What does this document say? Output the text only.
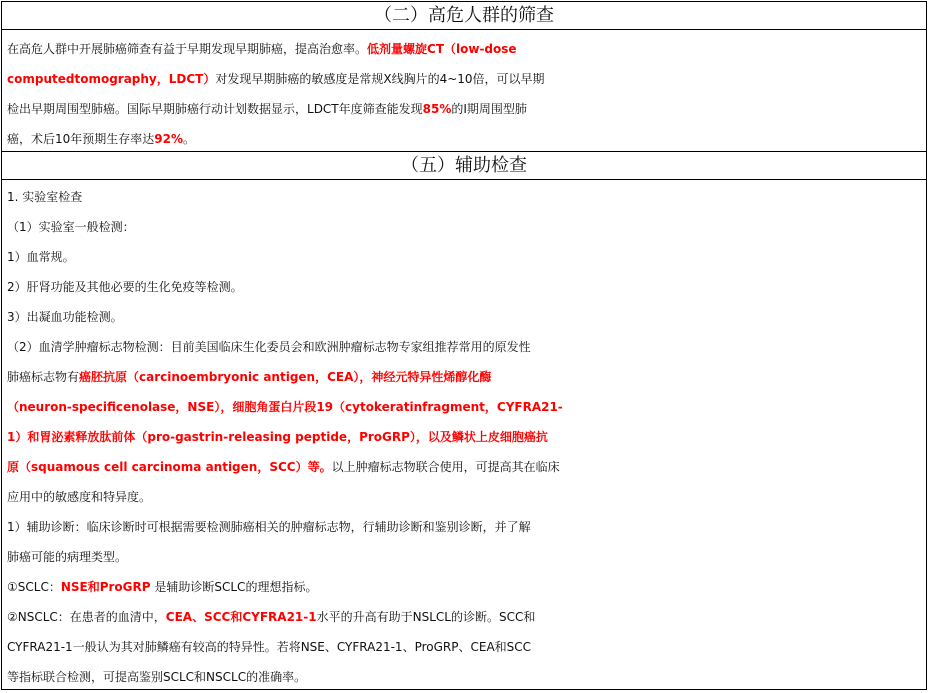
（二）高危人群的筛查
在高危人群中开展肺癌筛查有益于早期发现早期肺癌，提高治愈率。低剂量螺旋CT（low-dose
computedtomography，LDCT）对发现早期肺癌的敏感度是常规X线胸片的4~10倍，可以早期
检出早期周围型肺癌。国际早期肺癌行动计划数据显示，LDCT年度筛查能发现85%的Ⅰ期周围型肺
癌，术后10年预期生存率达92%。
（五）辅助检查
1. 实验室检查
（1）实验室一般检测：
1）血常规。
2）肝肾功能及其他必要的生化免疫等检测。
3）出凝血功能检测。
（2）血清学肿瘤标志物检测：目前美国临床生化委员会和欧洲肿瘤标志物专家组推荐常用的原发性
肺癌标志物有癌胚抗原（carcinoembryonic antigen，CEA），神经元特异性烯醇化酶
（neuron-specificenolase，NSE），细胞角蛋白片段19（cytokeratinfragment，CYFRA21-
1）和胃泌素释放肽前体（pro-gastrin-releasing peptide，ProGRP），以及鳞状上皮细胞癌抗
原（squamous cell carcinoma antigen，SCC）等。以上肿瘤标志物联合使用，可提高其在临床
应用中的敏感度和特异度。
1）辅助诊断：临床诊断时可根据需要检测肺癌相关的肿瘤标志物，行辅助诊断和鉴别诊断，并了解
肺癌可能的病理类型。
①SCLC：NSE和ProGRP 是辅助诊断SCLC的理想指标。
②NSCLC：在患者的血清中，CEA、SCC和CYFRA21-1水平的升高有助于NSLCL的诊断。SCC和
CYFRA21-1一般认为其对肺鳞癌有较高的特异性。若将NSE、CYFRA21-1、ProGRP、CEA和SCC
等指标联合检测，可提高鉴别SCLC和NSCLC的准确率。
